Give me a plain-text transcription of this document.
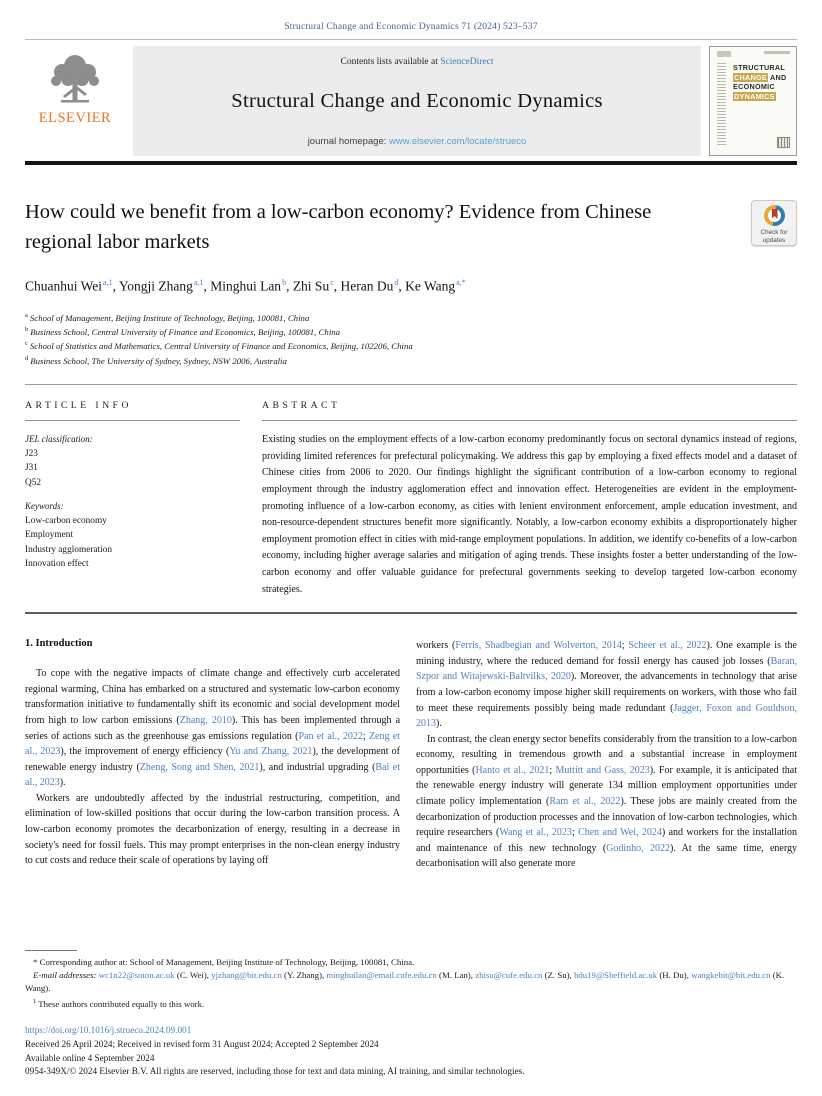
Structural Change and Economic Dynamics 71 (2024) 523–537
ELSEVIER
Contents lists available at ScienceDirect
Structural Change and Economic Dynamics
journal homepage: www.elsevier.com/locate/strueco
STRUCTURAL
CHANGE AND
ECONOMIC
DYNAMICS
How could we benefit from a low-carbon economy? Evidence from Chinese regional labor markets	Check for updates
Chuanhui Wei$^{a,1}$, Yongji Zhang$^{a,1}$, Minghui Lan$^b$, Zhi Su$^c$, Heran Du$^d$, Ke Wang$^{a,*}$
$^a$ School of Management, Beijing Institute of Technology, Beijing, 100081, China
$^b$ Business School, Central University of Finance and Economics, Beijing, 100081, China
$^c$ School of Statistics and Mathematics, Central University of Finance and Economics, Beijing, 102206, China
$^d$ Business School, The University of Sydney, Sydney, NSW 2006, Australia
ARTICLE INFO
JEL classification:
J23
J31
Q52
Keywords:
Low-carbon economy
Employment
Industry agglomeration
Innovation effect
ABSTRACT

Existing studies on the employment effects of a low-carbon economy predominantly focus on sectoral dynamics instead of regions, providing limited references for prefectural policymaking. We address this gap by employing a fixed effects model and a dataset of Chinese cities from 2006 to 2020. Our findings highlight the significant contribution of a low-carbon economy to regional employment through the industry agglomeration effect and innovation effect. Heterogeneities are evident in the employment-promoting influence of a low-carbon economy, as cities with lenient environment enforcement, ample education investment, and non-resource-dependent structures benefit more significantly. Notably, a low-carbon economy exhibits a disproportionately higher employment promotion effect in cities with mid-range employment populations. In addition, we identify co-benefits of a low-carbon economy, including higher average salaries and mitigation of aging trends. These insights foster a better understanding of the low-carbon economy and offer valuable guidance for prefectural governments seeking to develop targeted low-carbon economy strategies.

1. Introduction

To cope with the negative impacts of climate change and effectively curb accelerated regional warming, China has embarked on a structured and systematic low-carbon economy transformation initiative to fundamentally shift its economic and social development model from high to low carbon emissions (Zhang, 2010). This has been implemented through a series of actions such as the greenhouse gas emissions regulation (Pan et al., 2022; Zeng et al., 2023), the improvement of energy efficiency (Yu and Zhang, 2021), the development of renewable energy industry (Zheng, Song and Shen, 2021), and industrial upgrading (Bai et al., 2023).

Workers are undoubtedly affected by the industrial restructuring, competition, and elimination of low-skilled positions that occur during the low-carbon transition process. A low-carbon economy promotes the decarbonization of energy, resulting in a decrease in society's need for fossil fuels. This may prompt enterprises in the non-clean energy industry to cut costs and reduce their scale of operations by laying off

workers (Ferris, Shadbegian and Wolverton, 2014; Scheer et al., 2022). One example is the mining industry, where the reduced demand for fossil energy has caused job losses (Baran, Szpor and Witajewski-Baltvilks, 2020). Moreover, the advancements in technology that arise from a low-carbon economy impose higher skill requirements on workers, with those who fail to meet these requirements possibly being made redundant (Jagger, Foxon and Gouldson, 2013).

In contrast, the clean energy sector benefits considerably from the transition to a low-carbon economy, resulting in tremendous growth and a substantial increase in employment opportunities (Hanto et al., 2021; Muttitt and Gass, 2023). For example, it is anticipated that the renewable energy industry will generate 134 million employment opportunities under climate policy implementation (Ram et al., 2022). These jobs are mainly created from the decarbonization of production processes and the innovation of low-carbon technologies, which require researchers (Wang et al., 2023; Chen and Wei, 2024) and workers for the installation and maintenance of this new technology (Godinho, 2022). At the same time, energy decarbonisation will also generate more

* Corresponding author at: School of Management, Beijing Institute of Technology, Beijing, 100081, China.

E-mail addresses: wc1n22@soton.ac.uk (C. Wei), yjzhang@bit.edu.cn (Y. Zhang), minghuilan@email.cufe.edu.cn (M. Lan), zhisu@cufe.edu.cn (Z. Su), hdu19@Sheffield.ac.uk (H. Du), wangkebit@bit.edu.cn (K. Wang).

$^1$ These authors contributed equally to this work.

https://doi.org/10.1016/j.strueco.2024.09.001
Received 26 April 2024; Received in revised form 31 August 2024; Accepted 2 September 2024
Available online 4 September 2024
0954-349X/© 2024 Elsevier B.V. All rights are reserved, including those for text and data mining, AI training, and similar technologies.
